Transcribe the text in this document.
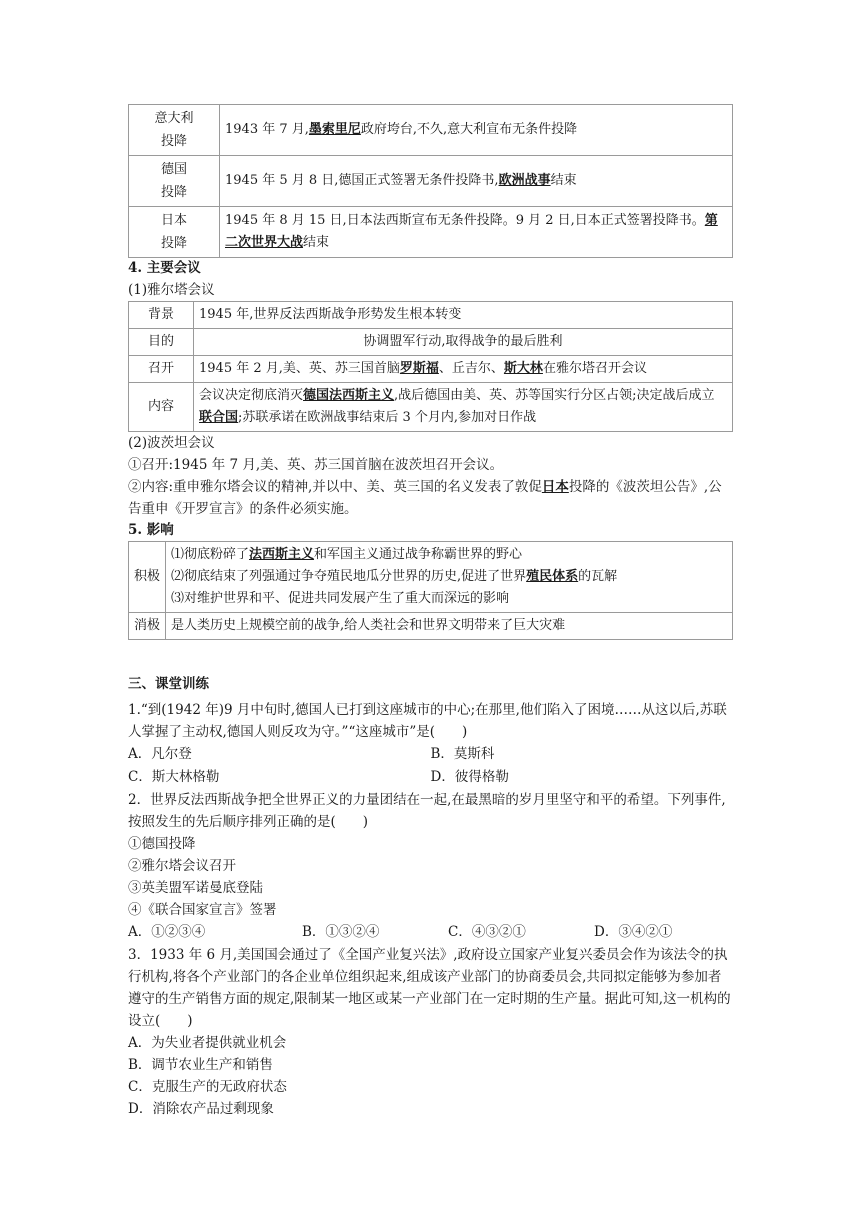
意大利
投降	1943 年 7 月,墨索里尼政府垮台,不久,意大利宣布无条件投降
德国
投降	1945 年 5 月 8 日,德国正式签署无条件投降书,欧洲战事结束
日本
投降	1945 年 8 月 15 日,日本法西斯宣布无条件投降。9 月 2 日,日本正式签署投降书。第二次世界大战结束
4. 主要会议

(1)雅尔塔会议

背景	1945 年,世界反法西斯战争形势发生根本转变
目的	协调盟军行动,取得战争的最后胜利
召开	1945 年 2 月,美、英、苏三国首脑罗斯福、丘吉尔、斯大林在雅尔塔召开会议
内容	会议决定彻底消灭德国法西斯主义,战后德国由美、英、苏等国实行分区占领;决定战后成立联合国;苏联承诺在欧洲战事结束后 3 个月内,参加对日作战

(2)波茨坦会议

①召开:1945 年 7 月,美、英、苏三国首脑在波茨坦召开会议。

②内容:重申雅尔塔会议的精神,并以中、美、英三国的名义发表了敦促日本投降的《波茨坦公告》,公告重申《开罗宣言》的条件必须实施。

5. 影响
积极	⑴彻底粉碎了法西斯主义和军国主义通过战争称霸世界的野心
⑵彻底结束了列强通过争夺殖民地瓜分世界的历史,促进了世界殖民体系的瓦解
⑶对维护世界和平、促进共同发展产生了重大而深远的影响

消极	是人类历史上规模空前的战争,给人类社会和世界文明带来了巨大灾难
三、课堂训练

1.“到(1942 年)9 月中旬时,德国人已打到这座城市的中心;在那里,他们陷入了困境……从这以后,苏联人掌握了主动权,德国人则反攻为守。”“这座城市”是(　　)

A．凡尔登	B．莫斯科
C．斯大林格勒	D．彼得格勒

2．世界反法西斯战争把全世界正义的力量团结在一起,在最黑暗的岁月里坚守和平的希望。下列事件,按照发生的先后顺序排列正确的是(　　)

①德国投降

②雅尔塔会议召开

③英美盟军诺曼底登陆

④《联合国家宣言》签署

A．①②③④	B．①③②④	C．④③②①	D．③④②①

3．1933 年 6 月,美国国会通过了《全国产业复兴法》,政府设立国家产业复兴委员会作为该法令的执行机构,将各个产业部门的各企业单位组织起来,组成该产业部门的协商委员会,共同拟定能够为参加者遵守的生产销售方面的规定,限制某一地区或某一产业部门在一定时期的生产量。据此可知,这一机构的设立(　　)

A．为失业者提供就业机会

B．调节农业生产和销售

C．克服生产的无政府状态

D．消除农产品过剩现象
